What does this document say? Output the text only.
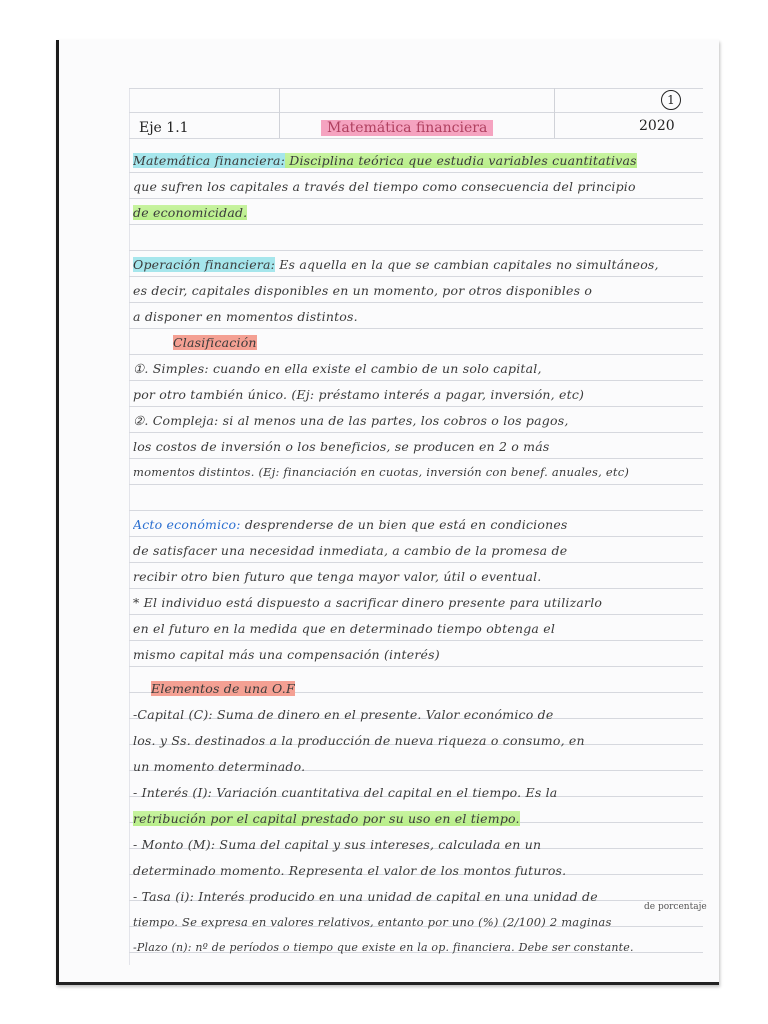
Eje 1.1	Matemática financiera
1
2020
Matemática financiera: Disciplina teórica que estudia variables cuantitativas
que sufren los capitales a través del tiempo como consecuencia del principio
de economicidad.
Operación financiera: Es aquella en la que se cambian capitales no simultáneos,
es decir, capitales disponibles en un momento, por otros disponibles o
a disponer en momentos distintos.
Clasificación
①. Simples: cuando en ella existe el cambio de un solo capital,
por otro también único. (Ej: préstamo interés a pagar, inversión, etc)
②. Compleja: si al menos una de las partes, los cobros o los pagos,
los costos de inversión o los beneficios, se producen en 2 o más
momentos distintos. (Ej: financiación en cuotas, inversión con benef. anuales, etc)
Acto económico: desprenderse de un bien que está en condiciones
de satisfacer una necesidad inmediata, a cambio de la promesa de
recibir otro bien futuro que tenga mayor valor, útil o eventual.
* El individuo está dispuesto a sacrificar dinero presente para utilizarlo
en el futuro en la medida que en determinado tiempo obtenga el
mismo capital más una compensación (interés)
Elementos de una O.F
-Capital (C): Suma de dinero en el presente. Valor económico de
los. y Ss. destinados a la producción de nueva riqueza o consumo, en
un momento determinado.
- Interés (I): Variación cuantitativa del capital en el tiempo. Es la
retribución por el capital prestado por su uso en el tiempo.
- Monto (M): Suma del capital y sus intereses, calculada en un
determinado momento. Representa el valor de los montos futuros.
- Tasa (i): Interés producido en una unidad de capital en una unidad de
tiempo. Se expresa en valores relativos, entanto por uno (%) (2/100) 2 maginas
de porcentaje
-Plazo (n): nº de períodos o tiempo que existe en la op. financiera. Debe ser constante.
